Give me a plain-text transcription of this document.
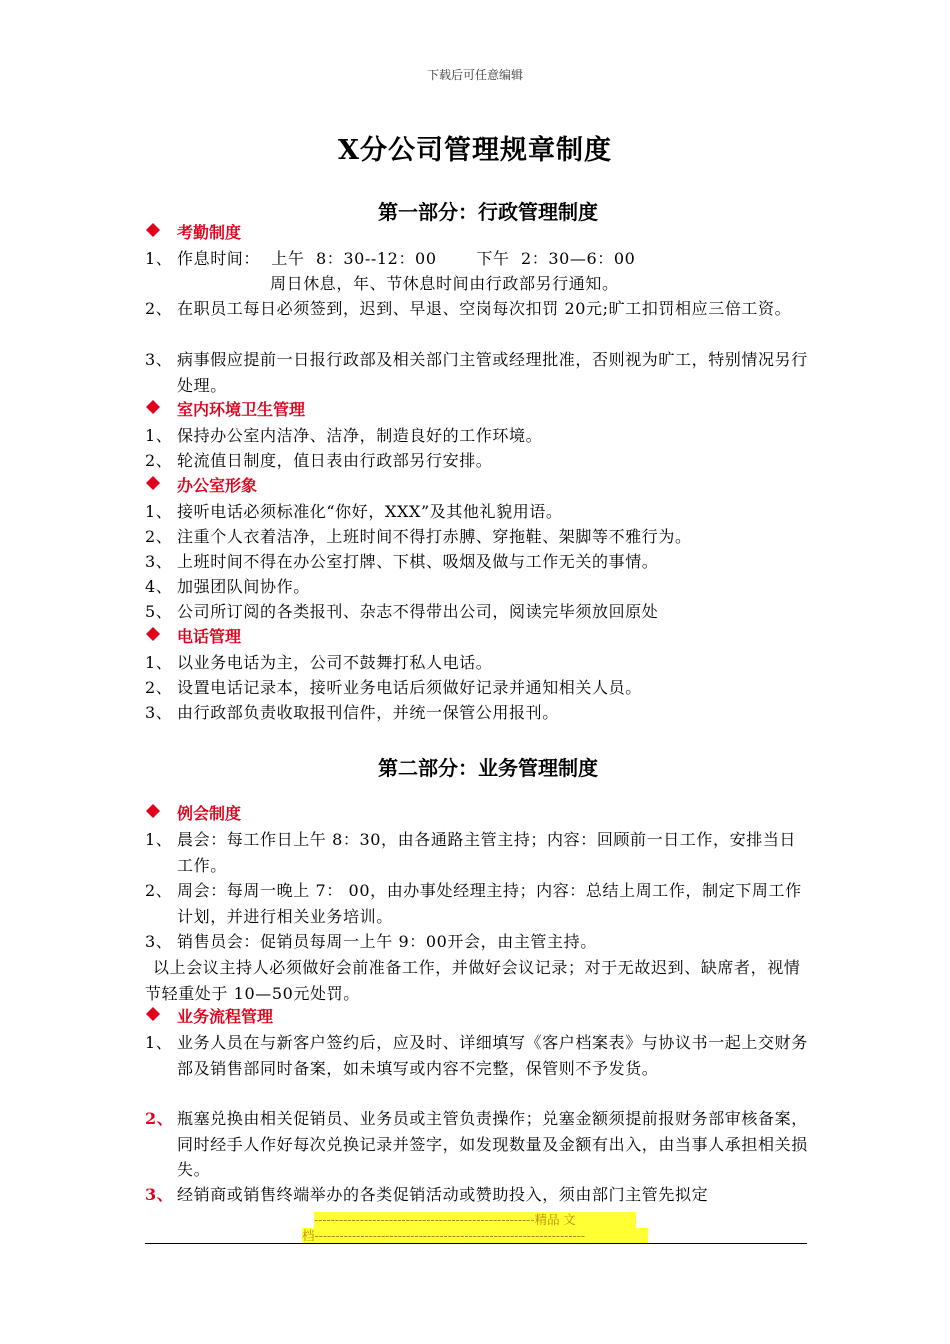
下载后可任意编辑
X分公司管理规章制度
第一部分：行政管理制度
考勤制度
1、 作息时间：  上午  8：30--12：00       下午  2：30—6：00
周日休息，年、节休息时间由行政部另行通知。
2、 在职员工每日必须签到，迟到、早退、空岗每次扣罚 20元;旷工扣罚相应三倍工资。
3、 病事假应提前一日报行政部及相关部门主管或经理批准，否则视为旷工，特别情况另行处理。
室内环境卫生管理
1、 保持办公室内洁净、洁净，制造良好的工作环境。
2、 轮流值日制度，值日表由行政部另行安排。
办公室形象
1、 接听电话必须标准化“你好，XXX”及其他礼貌用语。
2、 注重个人衣着洁净，上班时间不得打赤膊、穿拖鞋、架脚等不雅行为。
3、 上班时间不得在办公室打牌、下棋、吸烟及做与工作无关的事情。
4、 加强团队间协作。
5、 公司所订阅的各类报刊、杂志不得带出公司，阅读完毕须放回原处
电话管理
1、 以业务电话为主，公司不鼓舞打私人电话。
2、 设置电话记录本，接听业务电话后须做好记录并通知相关人员。
3、 由行政部负责收取报刊信件，并统一保管公用报刊。
第二部分：业务管理制度
例会制度
1、 晨会：每工作日上午 8：30，由各通路主管主持；内容：回顾前一日工作，安排当日工作。
2、 周会：每周一晚上 7： 00，由办事处经理主持；内容：总结上周工作，制定下周工作计划，并进行相关业务培训。
3、 销售员会：促销员每周一上午 9：00开会，由主管主持。
以上会议主持人必须做好会前准备工作，并做好会议记录；对于无故迟到、缺席者，视情节轻重处于 10—50元处罚。
业务流程管理
1、 业务人员在与新客户签约后，应及时、详细填写《客户档案表》与协议书一起上交财务部及销售部同时备案，如未填写或内容不完整，保管则不予发货。
2、 瓶塞兑换由相关促销员、业务员或主管负责操作；兑塞金额须提前报财务部审核备案，同时经手人作好每次兑换记录并签字，如发现数量及金额有出入，由当事人承担相关损失。
3、 经销商或销售终端举办的各类促销活动或赞助投入，须由部门主管先拟定
-----------------------------------------------------精品 文
档-----------------------------------------------------------------
